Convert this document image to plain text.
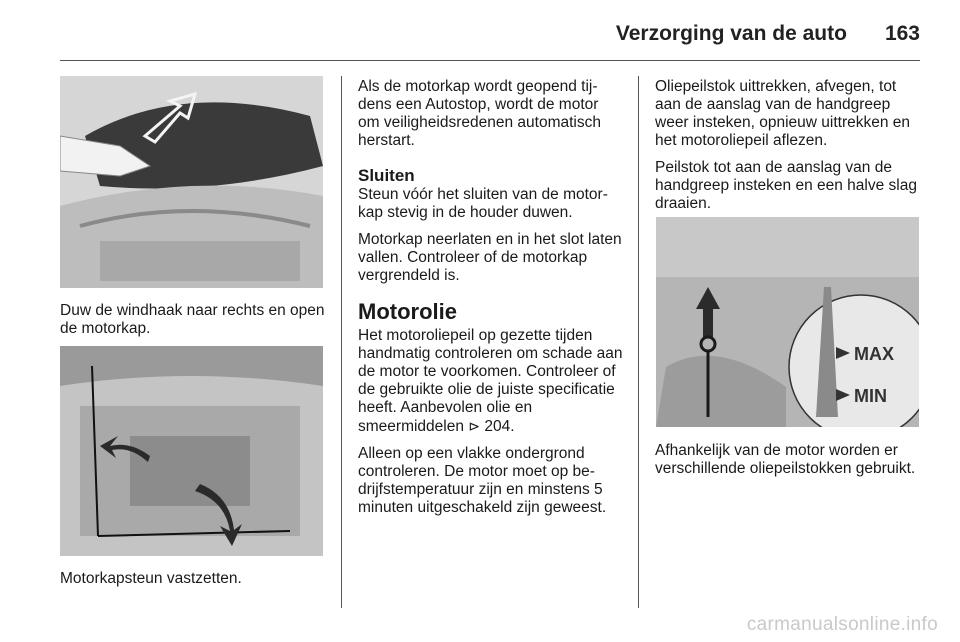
Verzorging van de auto 163

Duw de windhaak naar rechts en open de motorkap.

Motorkapsteun vastzetten.

Als de motorkap wordt geopend tijdens een Autostop, wordt de motor om veiligheidsredenen automatisch herstart.

Sluiten

Steun vóór het sluiten van de motorkap stevig in de houder duwen.

Motorkap neerlaten en in het slot laten vallen. Controleer of de motorkap vergrendeld is.

Motorolie

Het motoroliepeil op gezette tijden handmatig controleren om schade aan de motor te voorkomen. Controleer of de gebruikte olie de juiste specificatie heeft. Aanbevolen olie en smeermiddelen ⊳ 204.

Alleen op een vlakke ondergrond controleren. De motor moet op bedrijfstemperatuur zijn en minstens 5 minuten uitgeschakeld zijn geweest.

Oliepeilstok uittrekken, afvegen, tot aan de aanslag van de handgreep weer insteken, opnieuw uittrekken en het motoroliepeil aflezen.

Peilstok tot aan de aanslag van de handgreep insteken en een halve slag draaien.

MAX
MIN

Afhankelijk van de motor worden er verschillende oliepeilstokken gebruikt.

carmanualsonline.info
